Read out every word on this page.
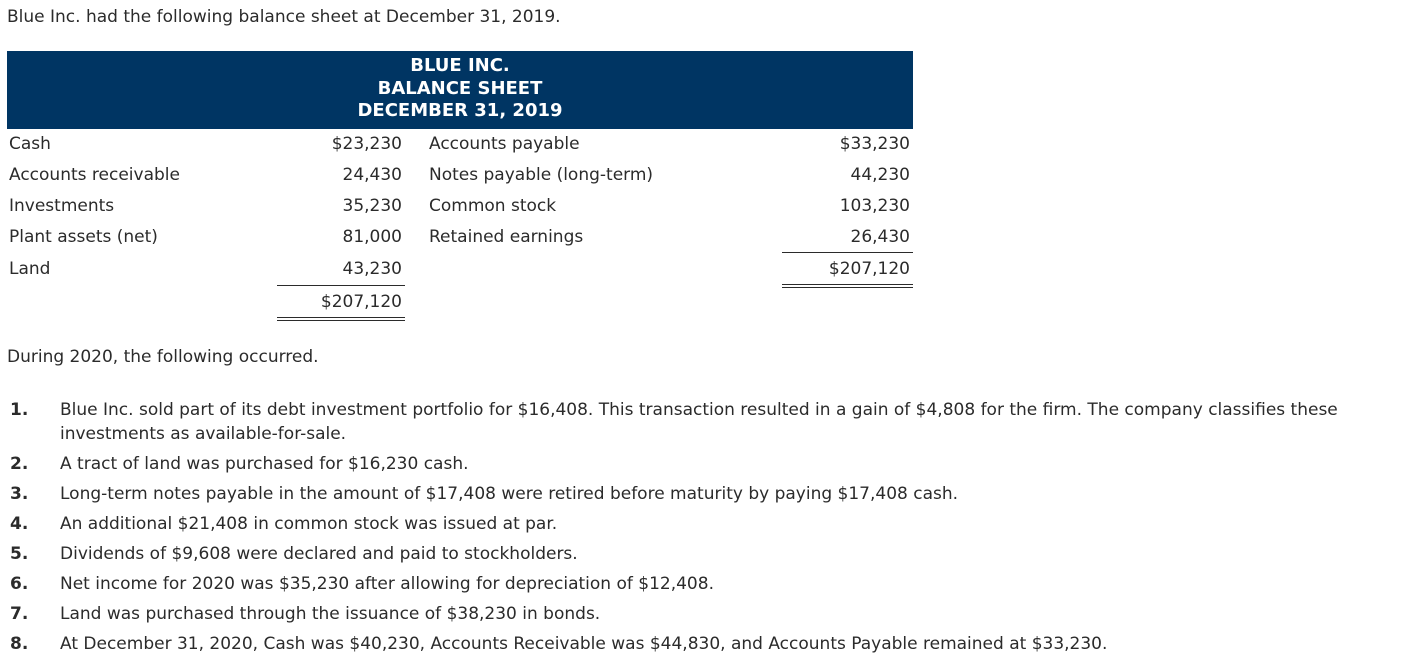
Blue Inc. had the following balance sheet at December 31, 2019.
BLUE INC.
BALANCE SHEET
DECEMBER 31, 2019
Cash	$23,230		Accounts payable	$33,230
Accounts receivable	24,430		Notes payable (long-term)	44,230
Investments	35,230		Common stock	103,230
Plant assets (net)	81,000		Retained earnings	26,430
Land	43,230			$207,120
	$207,120			
During 2020, the following occurred.
1.	Blue Inc. sold part of its debt investment portfolio for $16,408. This transaction resulted in a gain of $4,808 for the firm. The company classifies these investments as available-for-sale.
2.	A tract of land was purchased for $16,230 cash.
3.	Long-term notes payable in the amount of $17,408 were retired before maturity by paying $17,408 cash.
4.	An additional $21,408 in common stock was issued at par.
5.	Dividends of $9,608 were declared and paid to stockholders.
6.	Net income for 2020 was $35,230 after allowing for depreciation of $12,408.
7.	Land was purchased through the issuance of $38,230 in bonds.
8.	At December 31, 2020, Cash was $40,230, Accounts Receivable was $44,830, and Accounts Payable remained at $33,230.
